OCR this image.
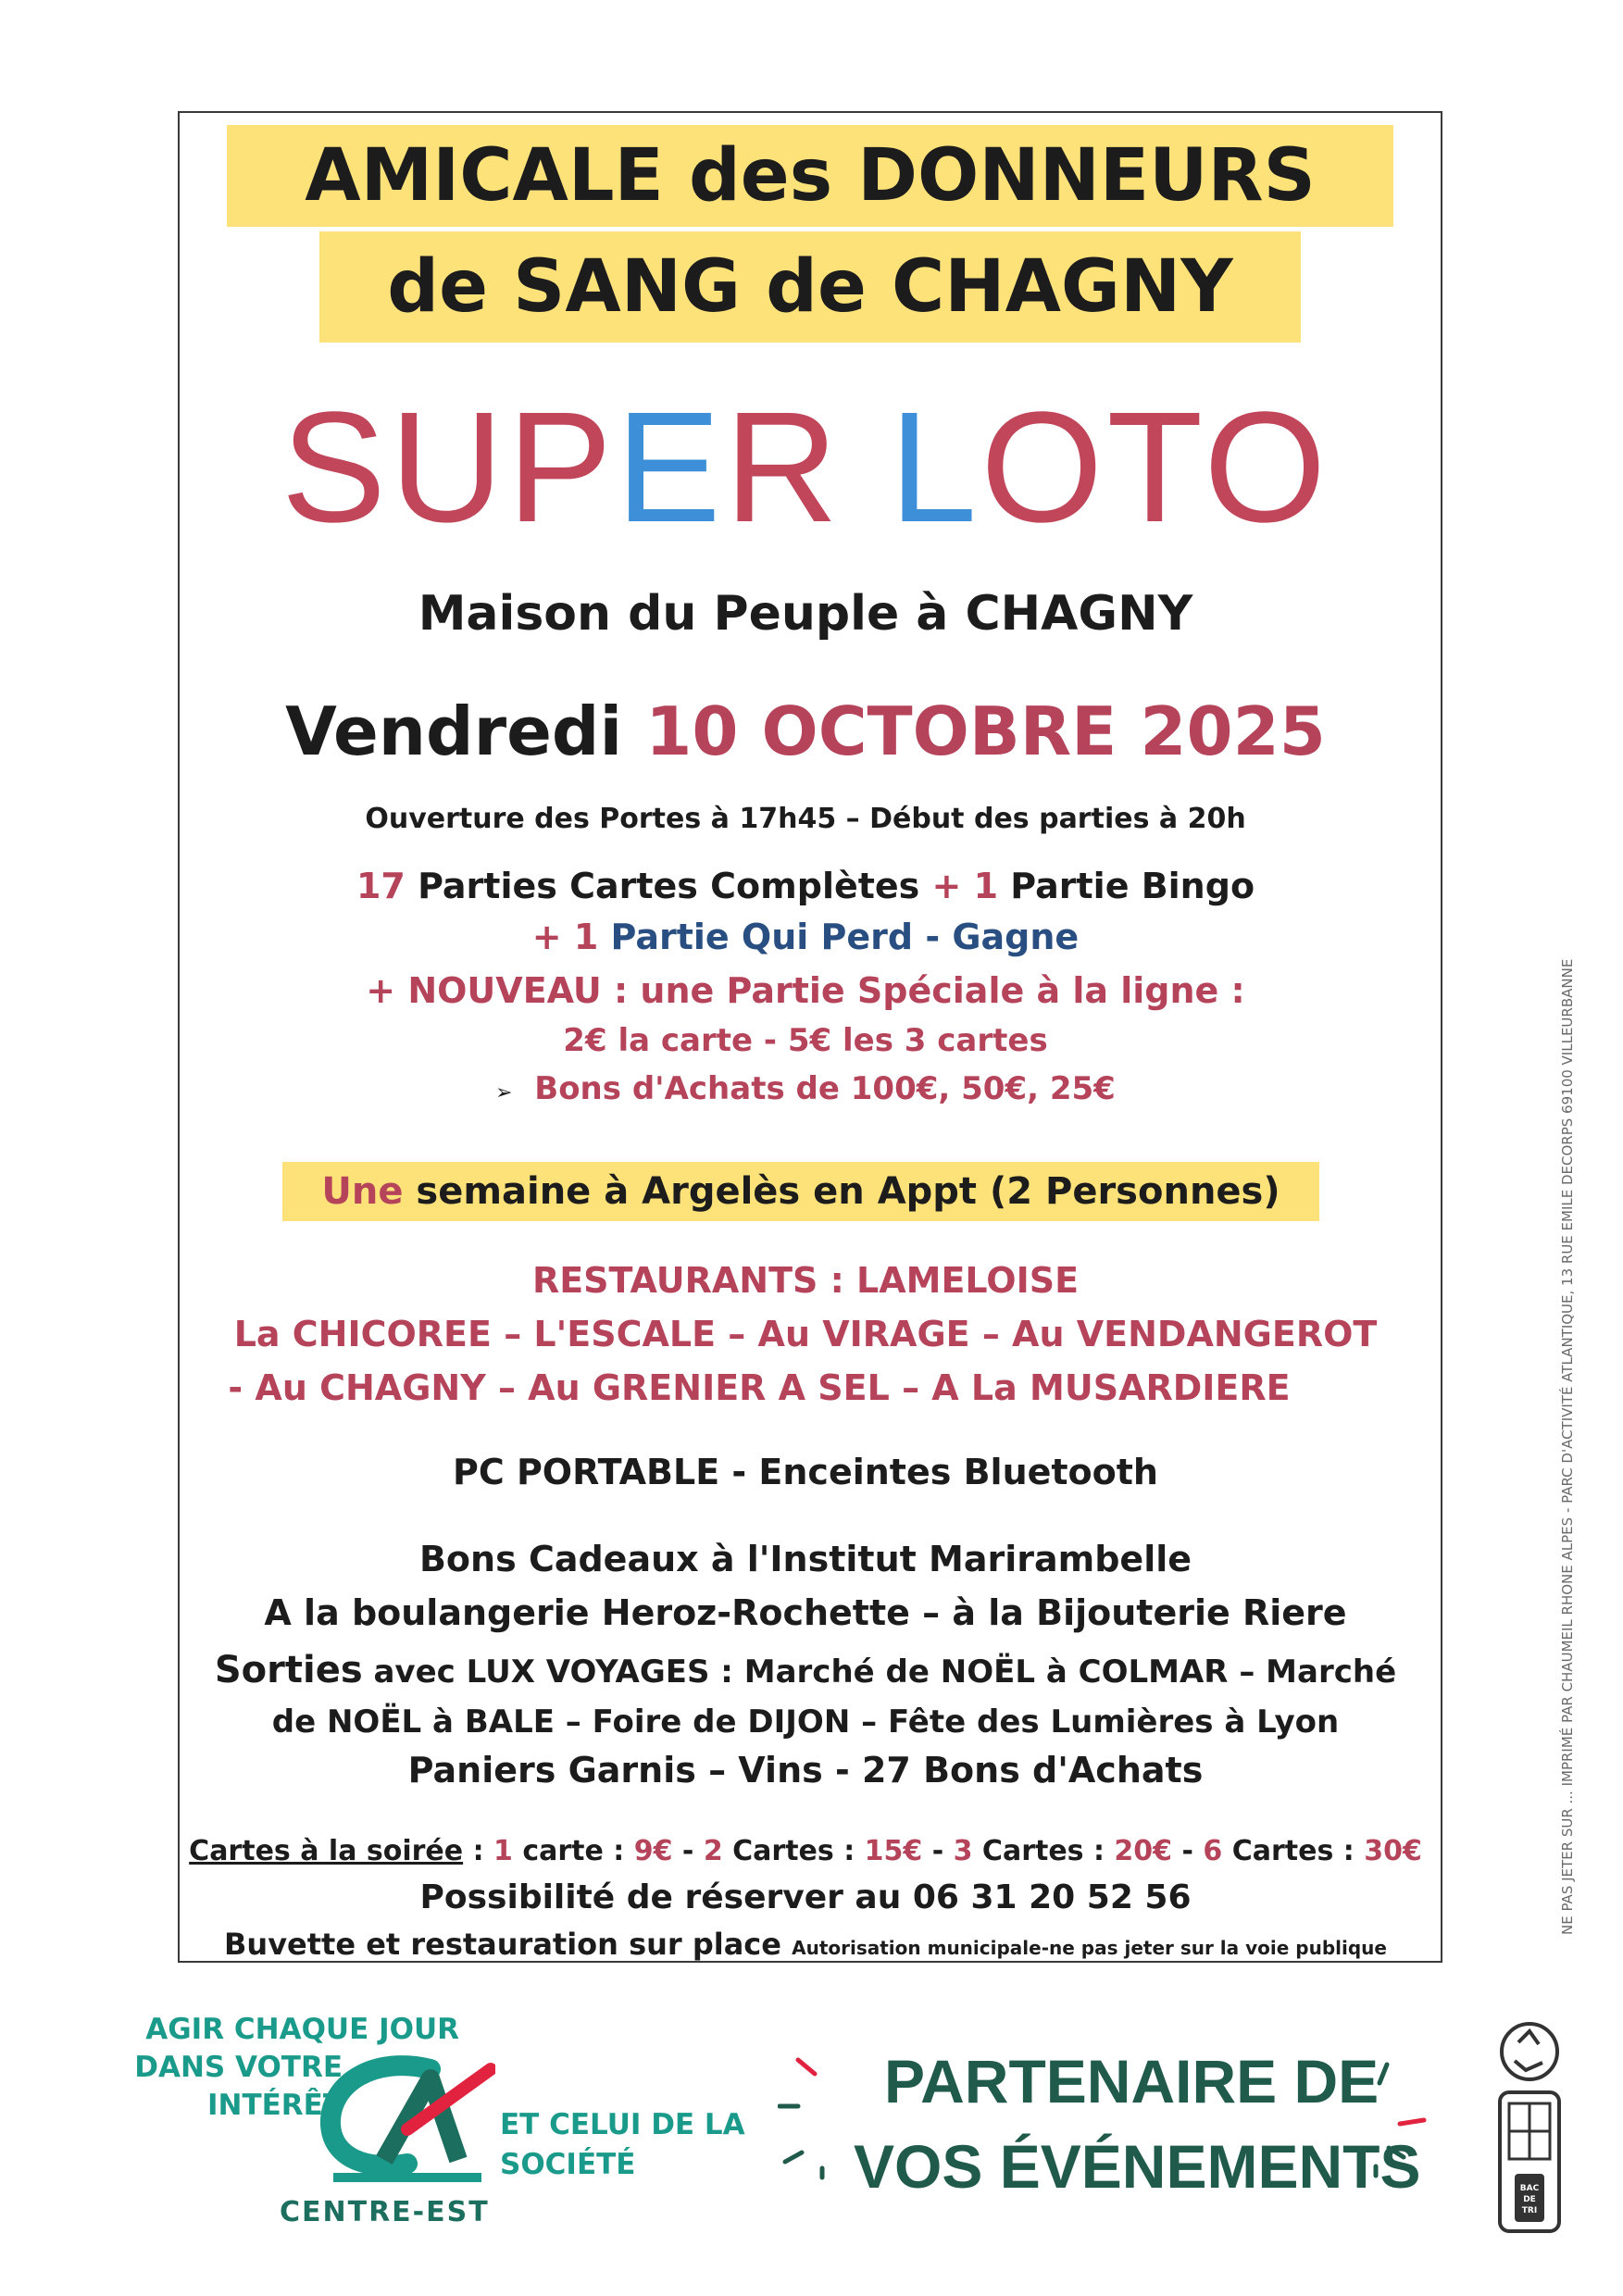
AMICALE des DONNEURS
de SANG de CHAGNY
SUPER LOTO
Maison du Peuple à CHAGNY
Vendredi 10 OCTOBRE 2025
Ouverture des Portes à 17h45 – Début des parties à 20h
17 Parties Cartes Complètes + 1 Partie Bingo
+ 1 Partie Qui Perd - Gagne
+ NOUVEAU : une Partie Spéciale à la ligne :
2€ la carte - 5€ les 3 cartes
➢ Bons d'Achats de 100€, 50€, 25€
Une semaine à Argelès en Appt (2 Personnes)
RESTAURANTS : LAMELOISE
La CHICOREE – L'ESCALE – Au VIRAGE – Au VENDANGEROT
- Au CHAGNY – Au GRENIER A SEL – A La MUSARDIERE
PC PORTABLE - Enceintes Bluetooth
Bons Cadeaux à l'Institut Marirambelle
A la boulangerie Heroz-Rochette – à la Bijouterie Riere
Sorties avec LUX VOYAGES : Marché de NOËL à COLMAR – Marché
de NOËL à BALE – Foire de DIJON – Fête des Lumières à Lyon
Paniers Garnis – Vins - 27 Bons d'Achats
Cartes à la soirée : 1 carte : 9€ - 2 Cartes : 15€ - 3 Cartes : 20€ - 6 Cartes : 30€
Possibilité de réserver au 06 31 20 52 56
Buvette et restauration sur place Autorisation municipale-ne pas jeter sur la voie publique
AGIR CHAQUE JOUR
DANS VOTRE
INTÉRÊT
ET CELUI DE LA
SOCIÉTÉ
CENTRE-EST
PARTENAIRE DE
VOS ÉVÉNEMENTS
NE PAS JETER SUR ... IMPRIMÉ PAR CHAUMEIL RHONE ALPES - PARC D'ACTIVITÉ ATLANTIQUE, 13 RUE EMILE DECORPS 69100 VILLEURBANNE
BAC
DE
TRI
